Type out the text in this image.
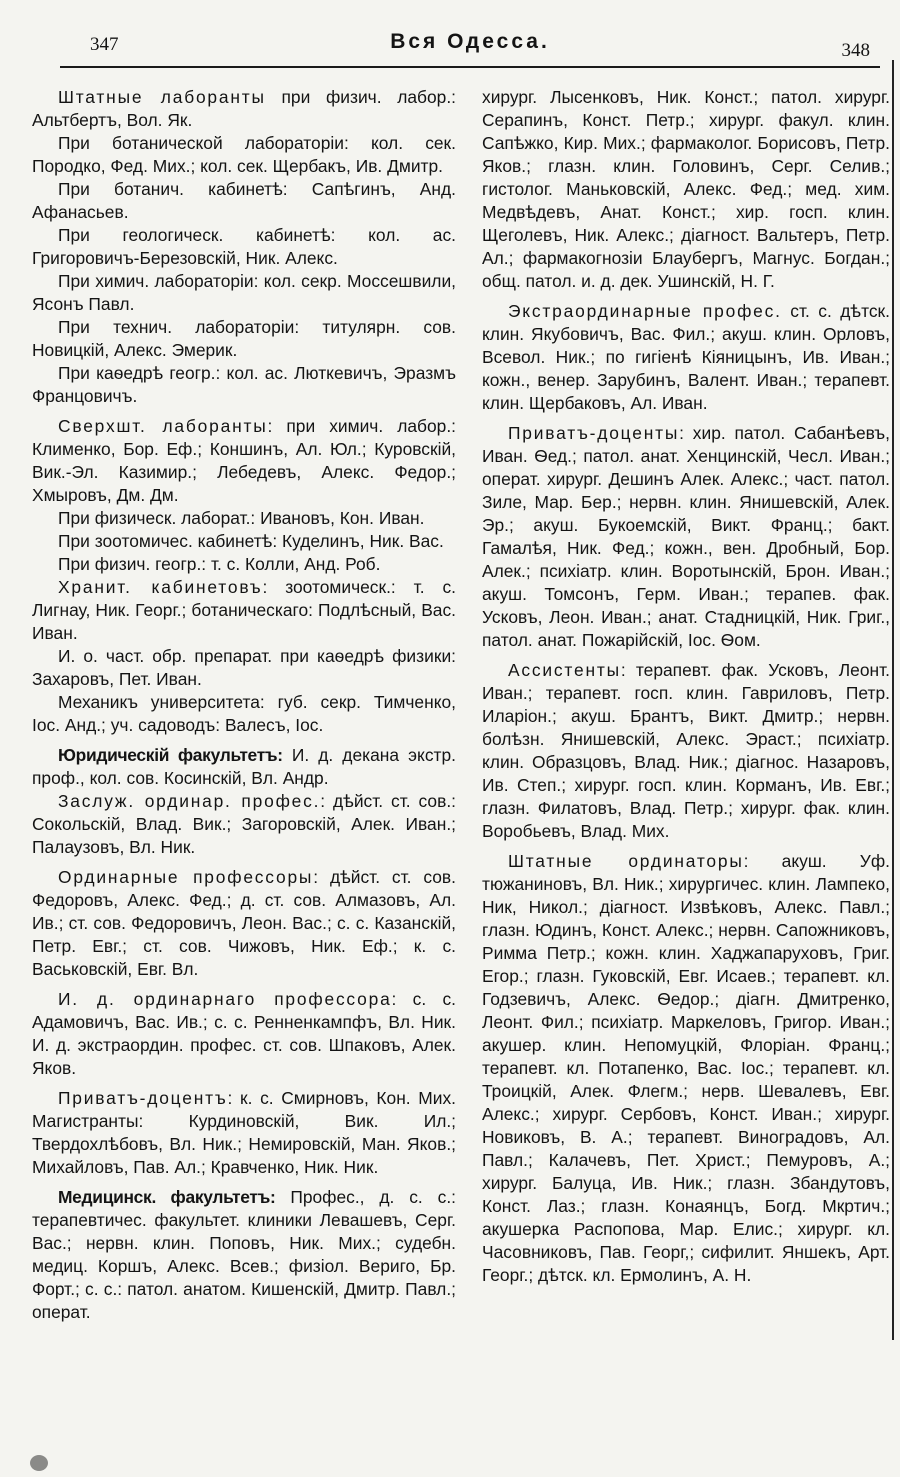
347	Вся Одесса.	348

Штатные лаборанты при физич. лабор.: Альтбертъ, Вол. Як.

При ботанической лабораторіи: кол. сек. Породко, Фед. Мих.; кол. сек. Щербакъ, Ив. Дмитр.

При ботанич. кабинетѣ: Сапѣгинъ, Анд. Афанасьев.

При геологическ. кабинетѣ: кол. ас. Григоровичъ-Березовскій, Ник. Алекс.

При химич. лабораторіи: кол. секр. Моссешвили, Ясонъ Павл.

При технич. лабораторіи: титулярн. сов. Новицкій, Алекс. Эмерик.

При каѳедрѣ геогр.: кол. ас. Люткевичъ, Эразмъ Францовичъ.

Сверхшт. лаборанты: при химич. лабор.: Клименко, Бор. Еф.; Коншинъ, Ал. Юл.; Куровскій, Вик.-Эл. Казимир.; Лебедевъ, Алекс. Федор.; Хмыровъ, Дм. Дм.

При физическ. лаборат.: Ивановъ, Кон. Иван.

При зоотомичес. кабинетѣ: Куделинъ, Ник. Вас.

При физич. геогр.: т. с. Колли, Анд. Роб.

Хранит. кабинетовъ: зоотомическ.: т. с. Лигнау, Ник. Георг.; ботаническаго: Подлѣсный, Вас. Иван.

И. о. част. обр. препарат. при каѳедрѣ физики: Захаровъ, Пет. Иван.

Механикъ университета: губ. секр. Тимченко, Іос. Анд.; уч. садоводъ: Валесъ, Іос.

Юридическій факультетъ: И. д. декана экстр. проф., кол. сов. Косинскій, Вл. Андр.

Заслуж. ординар. профес.: дѣйст. ст. сов.: Сокольскій, Влад. Вик.; Загоровскій, Алек. Иван.; Палаузовъ, Вл. Ник.

Ординарные профессоры: дѣйст. ст. сов. Федоровъ, Алекс. Фед.; д. ст. сов. Алмазовъ, Ал. Ив.; ст. сов. Федоровичъ, Леон. Вас.; с. с. Казанскій, Петр. Евг.; ст. сов. Чижовъ, Ник. Еф.; к. с. Васьковскій, Евг. Вл.

И. д. ординарнаго профессора: с. с. Адамовичъ, Вас. Ив.; с. с. Ренненкампфъ, Вл. Ник. И. д. экстраордин. профес. ст. сов. Шпаковъ, Алек. Яков.

Приватъ-доцентъ: к. с. Смирновъ, Кон. Мих. Магистранты: Курдиновскій, Вик. Ил.; Твердохлѣбовъ, Вл. Ник.; Немировскій, Ман. Яков.; Михайловъ, Пав. Ал.; Кравченко, Ник. Ник.

Медицинск. факультетъ: Профес., д. с. с.: терапевтичес. факультет. клиники Левашевъ, Серг. Вас.; нервн. клин. Поповъ, Ник. Мих.; судебн. медиц. Коршъ, Алекс. Всев.; физіол. Вериго, Бр. Форт.; с. с.: патол. анатом. Кишенскій, Дмитр. Павл.; операт.

хирург. Лысенковъ, Ник. Конст.; патол. хирург. Серапинъ, Конст. Петр.; хирург. факул. клин. Сапѣжко, Кир. Мих.; фармаколог. Борисовъ, Петр. Яков.; глазн. клин. Головинъ, Серг. Селив.; гистолог. Маньковскій, Алекс. Фед.; мед. хим. Медвѣдевъ, Анат. Конст.; хир. госп. клин. Щеголевъ, Ник. Алекс.; діагност. Вальтеръ, Петр. Ал.; фармакогнозіи Блаубергъ, Магнус. Богдан.; общ. патол. и. д. дек. Ушинскій, Н. Г.

Экстраординарные профес. ст. с. дѣтск. клин. Якубовичъ, Вас. Фил.; акуш. клин. Орловъ, Всевол. Ник.; по гигіенѣ Кіяницынъ, Ив. Иван.; кожн., венер. Зарубинъ, Валент. Иван.; терапевт. клин. Щербаковъ, Ал. Иван.

Приватъ-доценты: хир. патол. Сабанѣевъ, Иван. Ѳед.; патол. анат. Хенцинскій, Чесл. Иван.; операт. хирург. Дешинъ Алек. Алекс.; част. патол. Зиле, Мар. Бер.; нервн. клин. Янишевскій, Алек. Эр.; акуш. Букоемскій, Викт. Франц.; бакт. Гамалѣя, Ник. Фед.; кожн., вен. Дробный, Бор. Алек.; психіатр. клин. Воротынскій, Брон. Иван.; акуш. Томсонъ, Герм. Иван.; терапев. фак. Усковъ, Леон. Иван.; анат. Стадницкій, Ник. Григ., патол. анат. Пожарійскій, Іос. Ѳом.

Ассистенты: терапевт. фак. Усковъ, Леонт. Иван.; терапевт. госп. клин. Гавриловъ, Петр. Иларіон.; акуш. Брантъ, Викт. Дмитр.; нервн. болѣзн. Янишевскій, Алекс. Эраст.; психіатр. клин. Образцовъ, Влад. Ник.; діагнос. Назаровъ, Ив. Степ.; хирург. госп. клин. Корманъ, Ив. Евг.; глазн. Филатовъ, Влад. Петр.; хирург. фак. клин. Воробьевъ, Влад. Мих.

Штатные ординаторы: акуш. Уф. тюжаниновъ, Вл. Ник.; хирургичес. клин. Лампеко, Ник, Никол.; діагност. Извѣковъ, Алекс. Павл.; глазн. Юдинъ, Конст. Алекс.; нервн. Сапожниковъ, Римма Петр.; кожн. клин. Хаджапаруховъ, Григ. Егор.; глазн. Гуковскій, Евг. Исаев.; терапевт. кл. Годзевичъ, Алекс. Ѳедор.; діагн. Дмитренко, Леонт. Фил.; психіатр. Маркеловъ, Григор. Иван.; акушер. клин. Непомуцкій, Флоріан. Франц.; терапевт. кл. Потапенко, Вас. Іос.; терапевт. кл. Троицкій, Алек. Флегм.; нерв. Шевалевъ, Евг. Алекс.; хирург. Сербовъ, Конст. Иван.; хирург. Новиковъ, В. А.; терапевт. Виноградовъ, Ал. Павл.; Калачевъ, Пет. Христ.; Пемуровъ, А.; хирург. Балуца, Ив. Ник.; глазн. Збандутовъ, Конст. Лаз.; глазн. Конаянцъ, Богд. Мкртич.; акушерка Распопова, Мар. Елис.; хирург. кл. Часовниковъ, Пав. Георг,; сифилит. Яншекъ, Арт. Георг.; дѣтск. кл. Ермолинъ, А. Н.
